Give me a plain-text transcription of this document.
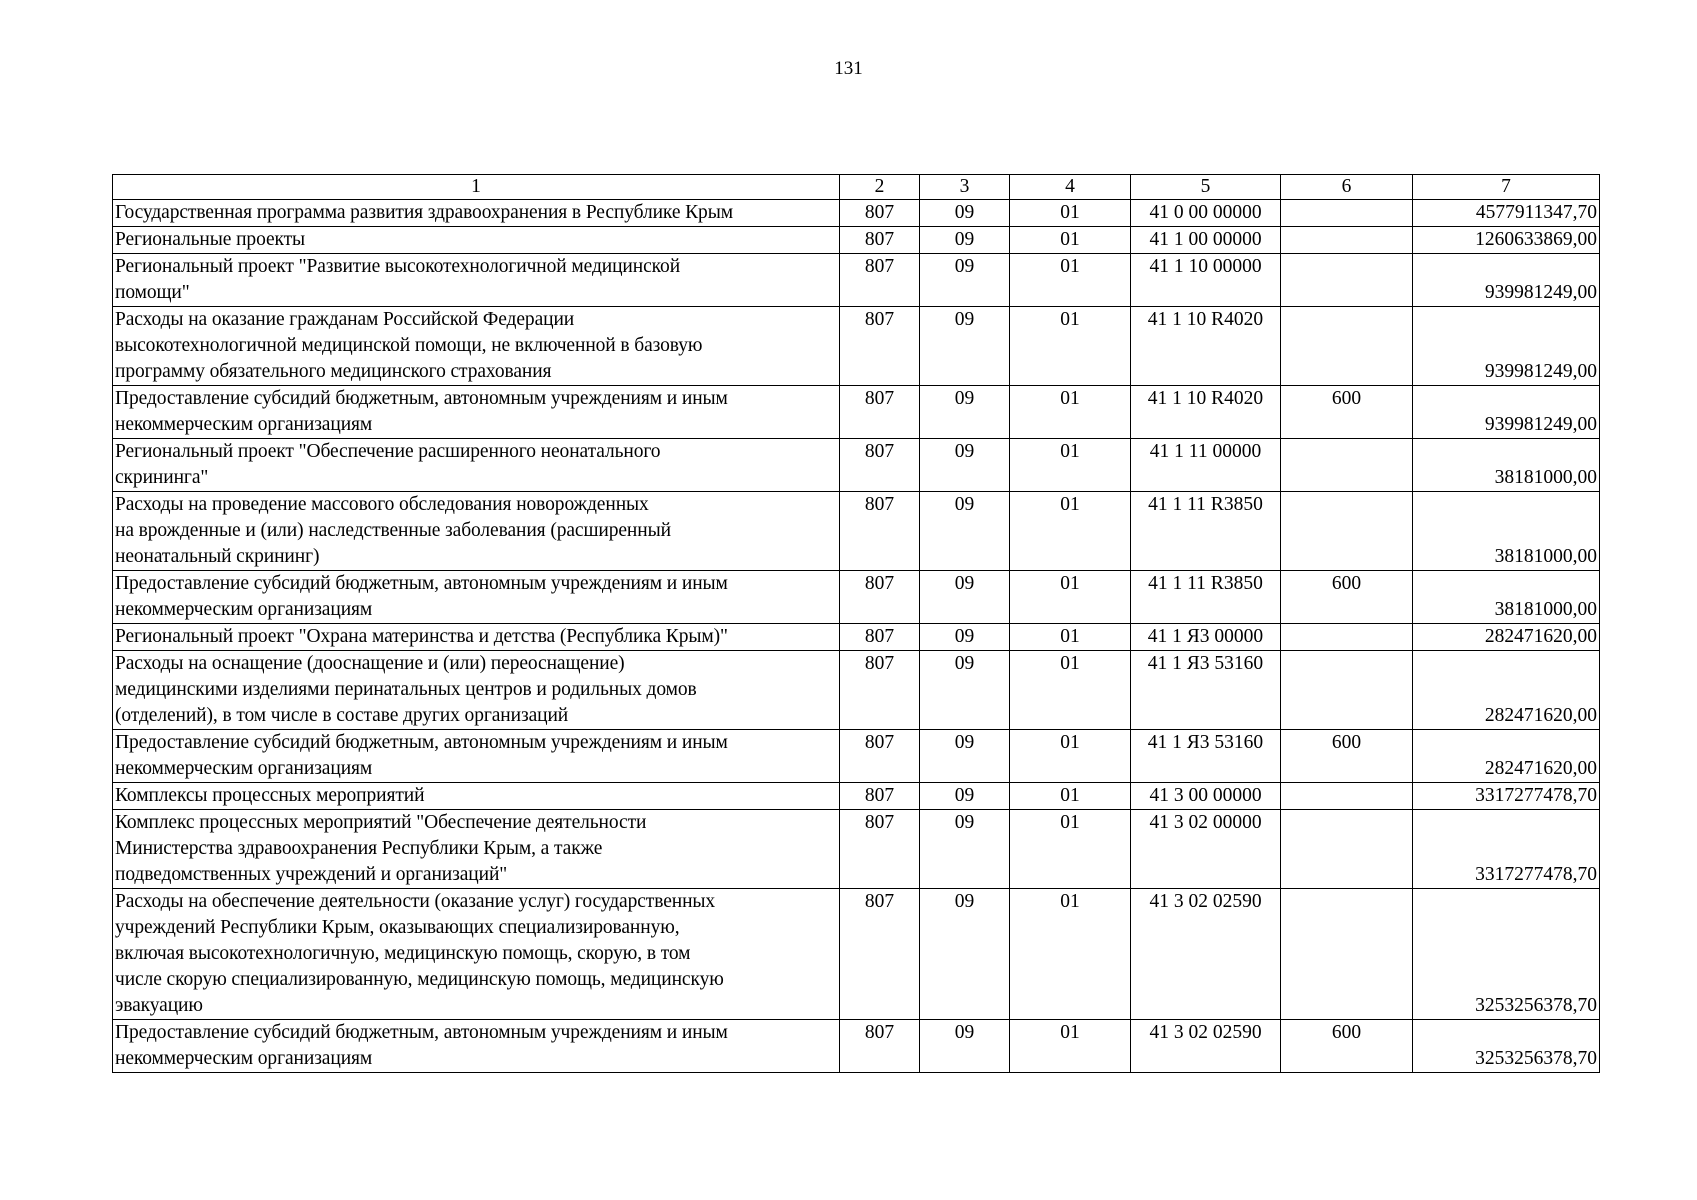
131
1	2	3	4	5	6	7
Государственная программа развития здравоохранения в Республике Крым	807	09	01	41 0 00 00000		4577911347,70
Региональные проекты	807	09	01	41 1 00 00000		1260633869,00
Региональный проект "Развитие высокотехнологичной медицинской
помощи"	807	09	01	41 1 10 00000		939981249,00
Расходы на оказание гражданам Российской Федерации
высокотехнологичной медицинской помощи, не включенной в базовую
программу обязательного медицинского страхования	807	09	01	41 1 10 R4020		939981249,00
Предоставление субсидий бюджетным, автономным учреждениям и иным
некоммерческим организациям	807	09	01	41 1 10 R4020	600	939981249,00
Региональный проект "Обеспечение расширенного неонатального
скрининга"	807	09	01	41 1 11 00000		38181000,00
Расходы на проведение массового обследования новорожденных
на врожденные и (или) наследственные заболевания (расширенный
неонатальный скрининг)	807	09	01	41 1 11 R3850		38181000,00
Предоставление субсидий бюджетным, автономным учреждениям и иным
некоммерческим организациям	807	09	01	41 1 11 R3850	600	38181000,00
Региональный проект "Охрана материнства и детства (Республика Крым)"	807	09	01	41 1 Я3 00000		282471620,00
Расходы на оснащение (дооснащение и (или) переоснащение)
медицинскими изделиями перинатальных центров и родильных домов
(отделений), в том числе в составе других организаций	807	09	01	41 1 Я3 53160		282471620,00
Предоставление субсидий бюджетным, автономным учреждениям и иным
некоммерческим организациям	807	09	01	41 1 Я3 53160	600	282471620,00
Комплексы процессных мероприятий	807	09	01	41 3 00 00000		3317277478,70
Комплекс процессных мероприятий "Обеспечение деятельности
Министерства здравоохранения Республики Крым, а также
подведомственных учреждений и организаций"	807	09	01	41 3 02 00000		3317277478,70
Расходы на обеспечение деятельности (оказание услуг) государственных
учреждений Республики Крым, оказывающих специализированную,
включая высокотехнологичную, медицинскую помощь, скорую, в том
числе скорую специализированную, медицинскую помощь, медицинскую
эвакуацию	807	09	01	41 3 02 02590		3253256378,70
Предоставление субсидий бюджетным, автономным учреждениям и иным
некоммерческим организациям	807	09	01	41 3 02 02590	600	3253256378,70
